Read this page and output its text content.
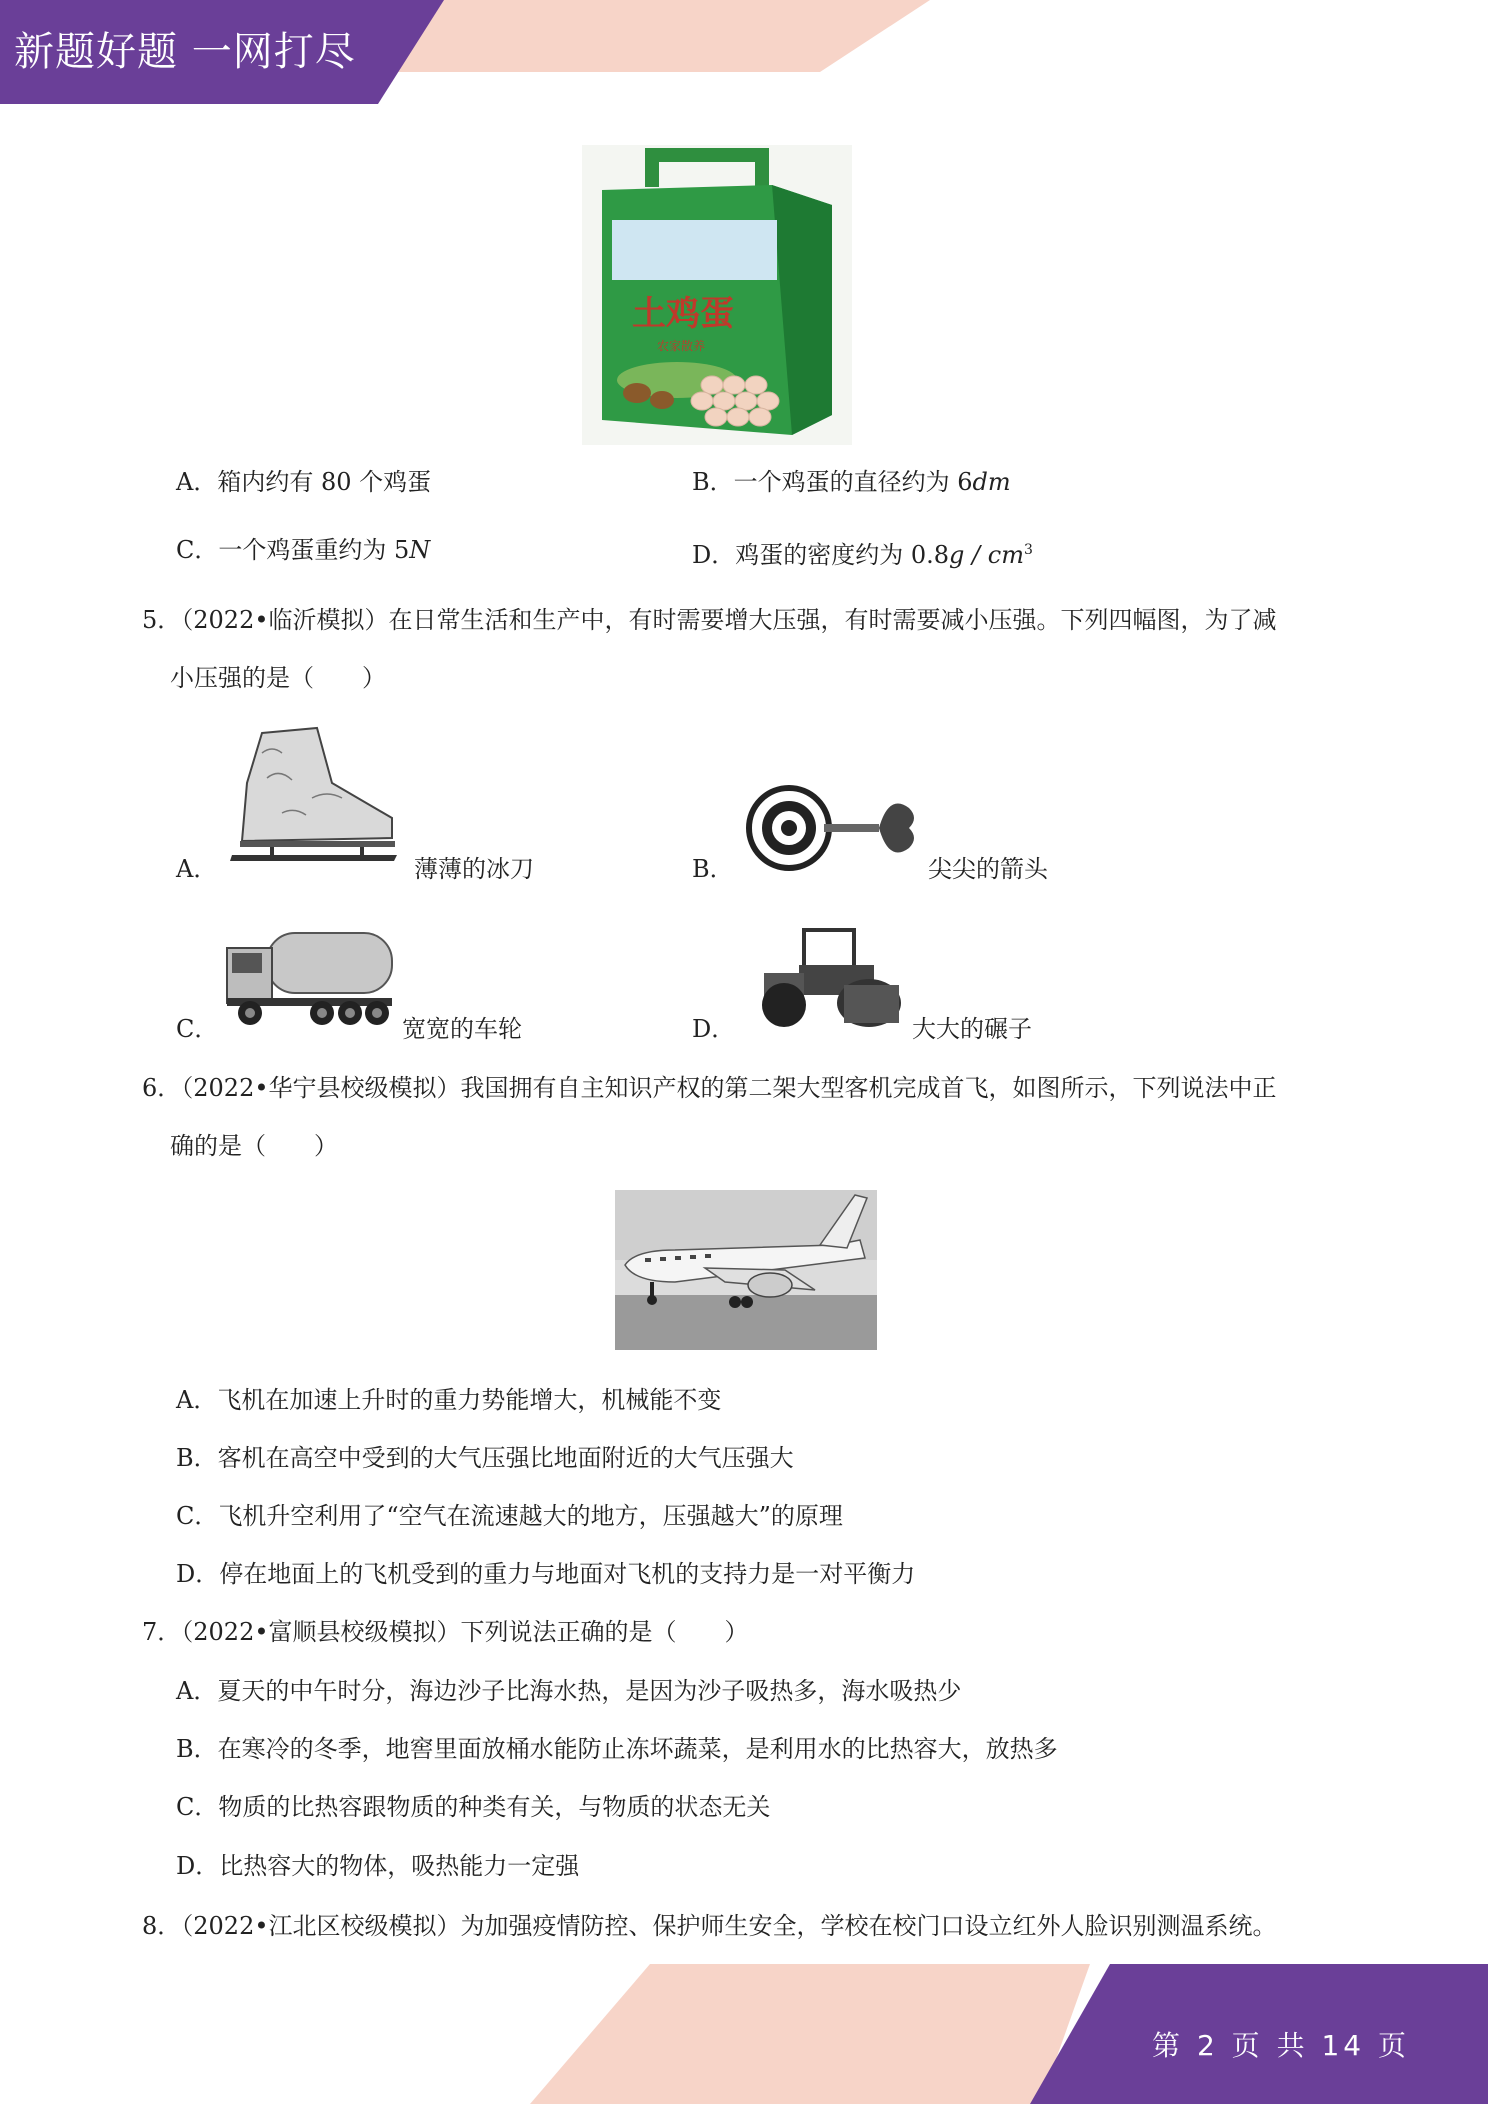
新题好题 一网打尽
土鸡蛋
农家散养
A．箱内约有 80 个鸡蛋	B．一个鸡蛋的直径约为 6dm
C．一个鸡蛋重约为 5N	D．鸡蛋的密度约为 $0.8g / cm^3$
5．（2022•临沂模拟）在日常生活和生产中，有时需要增大压强，有时需要减小压强。下列四幅图，为了减
小压强的是（　　）
A．	薄薄的冰刀	B．	尖尖的箭头
C．	宽宽的车轮	D．	大大的碾子
6．（2022•华宁县校级模拟）我国拥有自主知识产权的第二架大型客机完成首飞，如图所示，下列说法中正
确的是（　　）
A．飞机在加速上升时的重力势能增大，机械能不变
B．客机在高空中受到的大气压强比地面附近的大气压强大
C．飞机升空利用了“空气在流速越大的地方，压强越大”的原理
D．停在地面上的飞机受到的重力与地面对飞机的支持力是一对平衡力
7．（2022•富顺县校级模拟）下列说法正确的是（　　）
A．夏天的中午时分，海边沙子比海水热，是因为沙子吸热多，海水吸热少
B．在寒冷的冬季，地窖里面放桶水能防止冻坏蔬菜，是利用水的比热容大，放热多
C．物质的比热容跟物质的种类有关，与物质的状态无关
D．比热容大的物体，吸热能力一定强
8．（2022•江北区校级模拟）为加强疫情防控、保护师生安全，学校在校门口设立红外人脸识别测温系统。
第 2 页 共 14 页
